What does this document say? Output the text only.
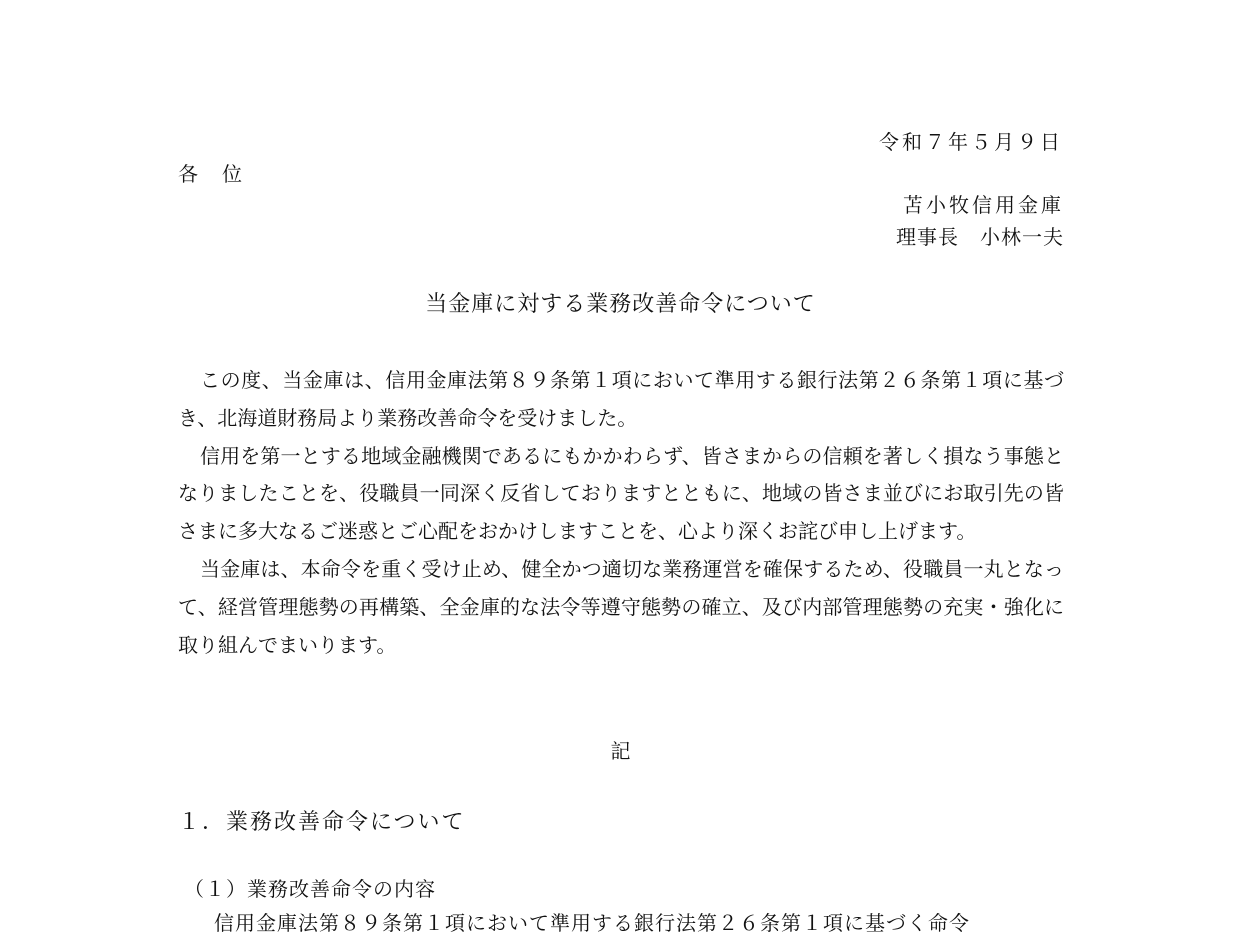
令和７年５月９日
各　位
苫小牧信用金庫
理事長　小林一夫
当金庫に対する業務改善命令について

この度、当金庫は、信用金庫法第８９条第１項において準用する銀行法第２６条第１項に基づき、北海道財務局より業務改善命令を受けました。

信用を第一とする地域金融機関であるにもかかわらず、皆さまからの信頼を著しく損なう事態となりましたことを、役職員一同深く反省しておりますとともに、地域の皆さま並びにお取引先の皆さまに多大なるご迷惑とご心配をおかけしますことを、心より深くお詫び申し上げます。

当金庫は、本命令を重く受け止め、健全かつ適切な業務運営を確保するため、役職員一丸となって、経営管理態勢の再構築、全金庫的な法令等遵守態勢の確立、及び内部管理態勢の充実・強化に取り組んでまいります。

記
１．業務改善命令について
（１）業務改善命令の内容
信用金庫法第８９条第１項において準用する銀行法第２６条第１項に基づく命令
